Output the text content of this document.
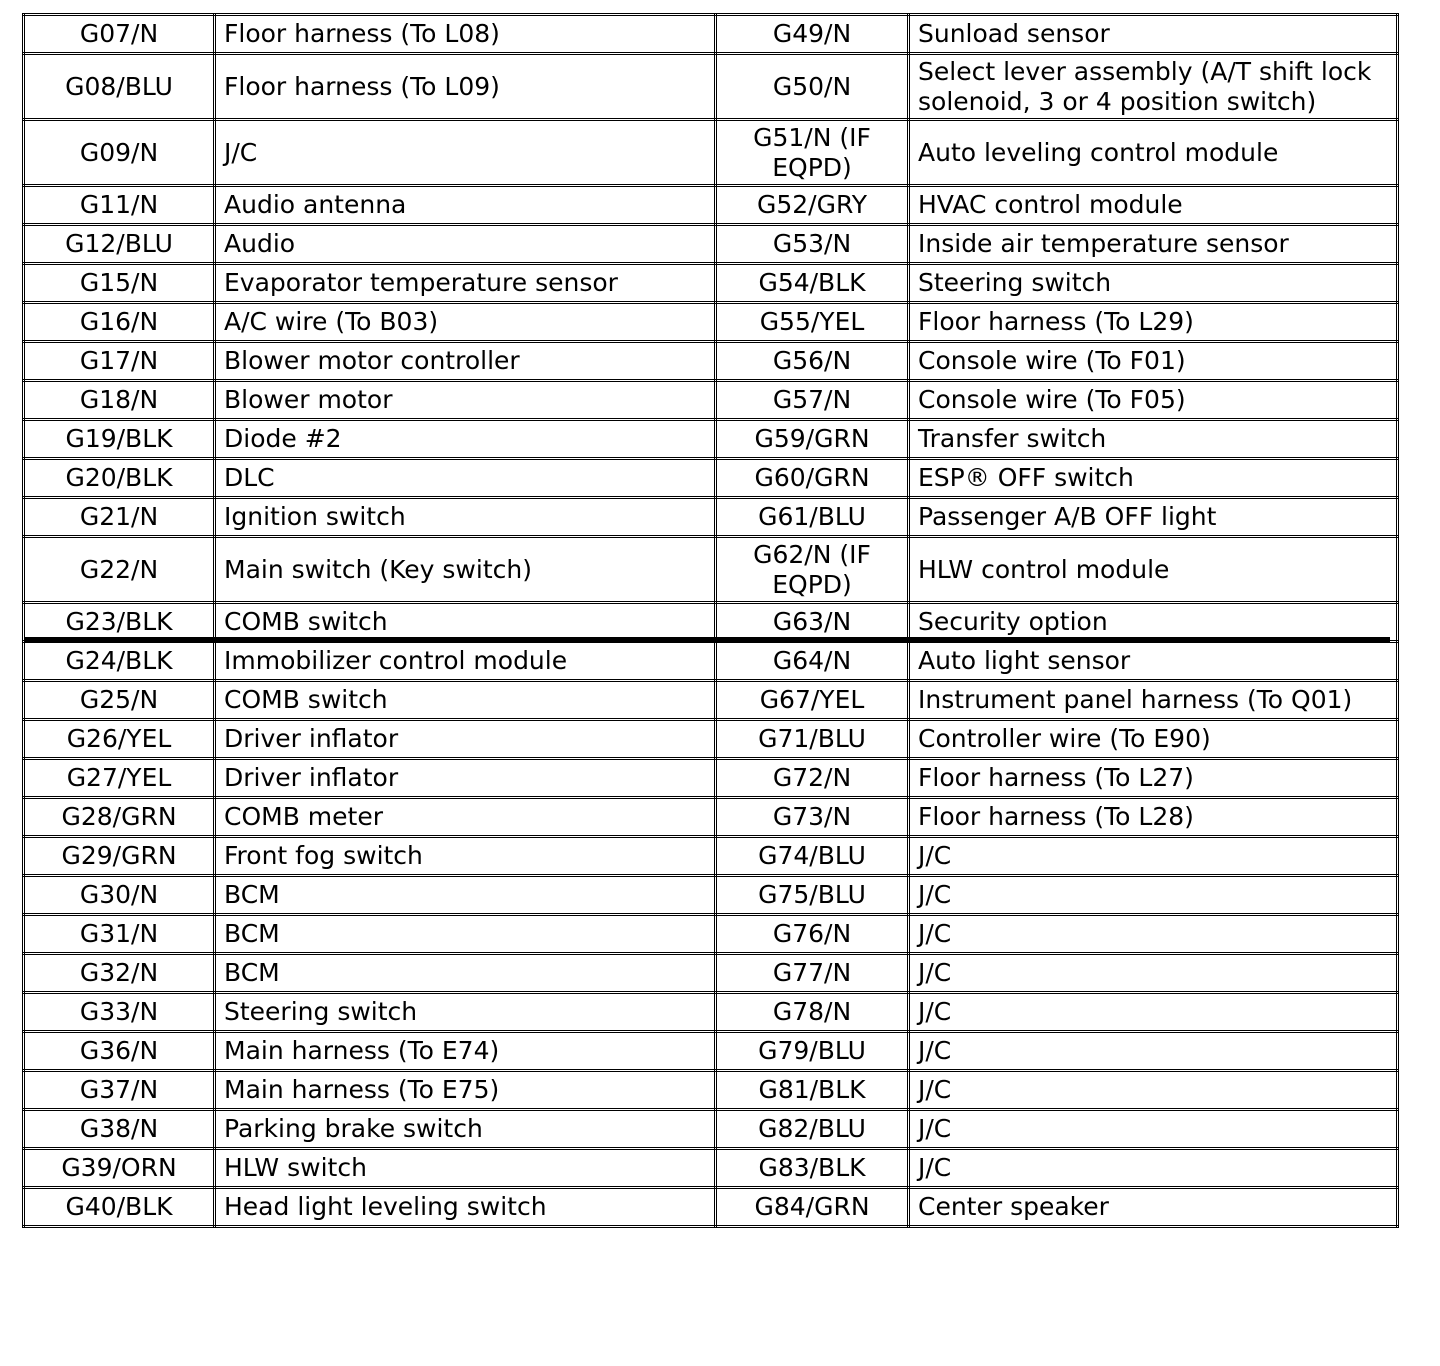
G07/N	Floor harness (To L08)	G49/N	Sunload sensor
G08/BLU	Floor harness (To L09)	G50/N	Select lever assembly (A/T shift lock solenoid, 3 or 4 position switch)
G09/N	J/C	G51/N (IF EQPD)	Auto leveling control module
G11/N	Audio antenna	G52/GRY	HVAC control module
G12/BLU	Audio	G53/N	Inside air temperature sensor
G15/N	Evaporator temperature sensor	G54/BLK	Steering switch
G16/N	A/C wire (To B03)	G55/YEL	Floor harness (To L29)
G17/N	Blower motor controller	G56/N	Console wire (To F01)
G18/N	Blower motor	G57/N	Console wire (To F05)
G19/BLK	Diode #2	G59/GRN	Transfer switch
G20/BLK	DLC	G60/GRN	ESP® OFF switch
G21/N	Ignition switch	G61/BLU	Passenger A/B OFF light
G22/N	Main switch (Key switch)	G62/N (IF EQPD)	HLW control module
G23/BLK	COMB switch	G63/N	Security option
G24/BLK	Immobilizer control module	G64/N	Auto light sensor
G25/N	COMB switch	G67/YEL	Instrument panel harness (To Q01)
G26/YEL	Driver inflator	G71/BLU	Controller wire (To E90)
G27/YEL	Driver inflator	G72/N	Floor harness (To L27)
G28/GRN	COMB meter	G73/N	Floor harness (To L28)
G29/GRN	Front fog switch	G74/BLU	J/C
G30/N	BCM	G75/BLU	J/C
G31/N	BCM	G76/N	J/C
G32/N	BCM	G77/N	J/C
G33/N	Steering switch	G78/N	J/C
G36/N	Main harness (To E74)	G79/BLU	J/C
G37/N	Main harness (To E75)	G81/BLK	J/C
G38/N	Parking brake switch	G82/BLU	J/C
G39/ORN	HLW switch	G83/BLK	J/C
G40/BLK	Head light leveling switch	G84/GRN	Center speaker
